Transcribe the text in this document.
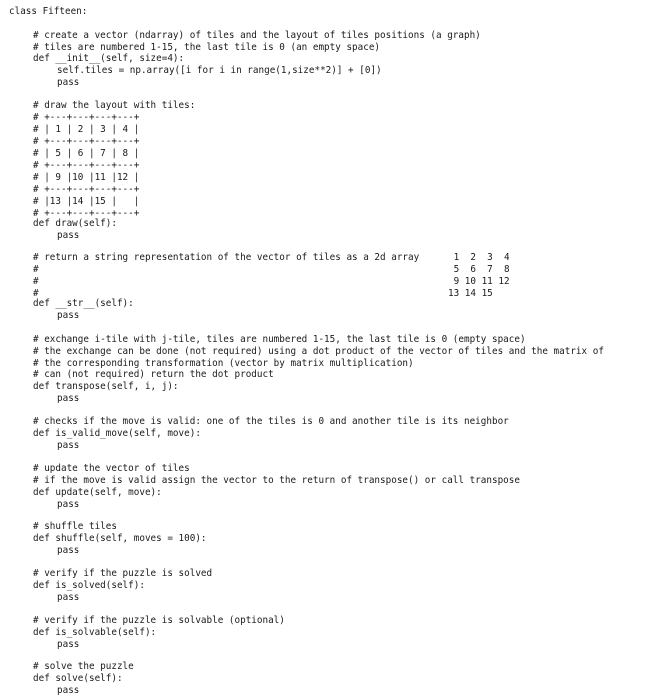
class Fifteen:
# create a vector (ndarray) of tiles and the layout of tiles positions (a graph)
# tiles are numbered 1-15, the last tile is 0 (an empty space)
def __init__(self, size=4):
self.tiles = np.array([i for i in range(1,size**2)] + [0])
pass
# draw the layout with tiles:
# +---+---+---+---+
# | 1 | 2 | 3 | 4 |
# +---+---+---+---+
# | 5 | 6 | 7 | 8 |
# +---+---+---+---+
# | 9 |10 |11 |12 |
# +---+---+---+---+
# |13 |14 |15 |   |
# +---+---+---+---+
def draw(self):
pass
# return a string representation of the vector of tiles as a 2d array
#
#
#
def __str__(self):
pass
# exchange i-tile with j-tile, tiles are numbered 1-15, the last tile is 0 (empty space)
# the exchange can be done (not required) using a dot product of the vector of tiles and the matrix of
# the corresponding transformation (vector by matrix multiplication)
# can (not required) return the dot product
def transpose(self, i, j):
pass
# checks if the move is valid: one of the tiles is 0 and another tile is its neighbor
def is_valid_move(self, move):
pass
# update the vector of tiles
# if the move is valid assign the vector to the return of transpose() or call transpose
def update(self, move):
pass
# shuffle tiles
def shuffle(self, moves = 100):
pass
# verify if the puzzle is solved
def is_solved(self):
pass
# verify if the puzzle is solvable (optional)
def is_solvable(self):
pass
# solve the puzzle
def solve(self):
pass
1  2  3  4
5  6  7  8
9 10 11 12
13 14 15
